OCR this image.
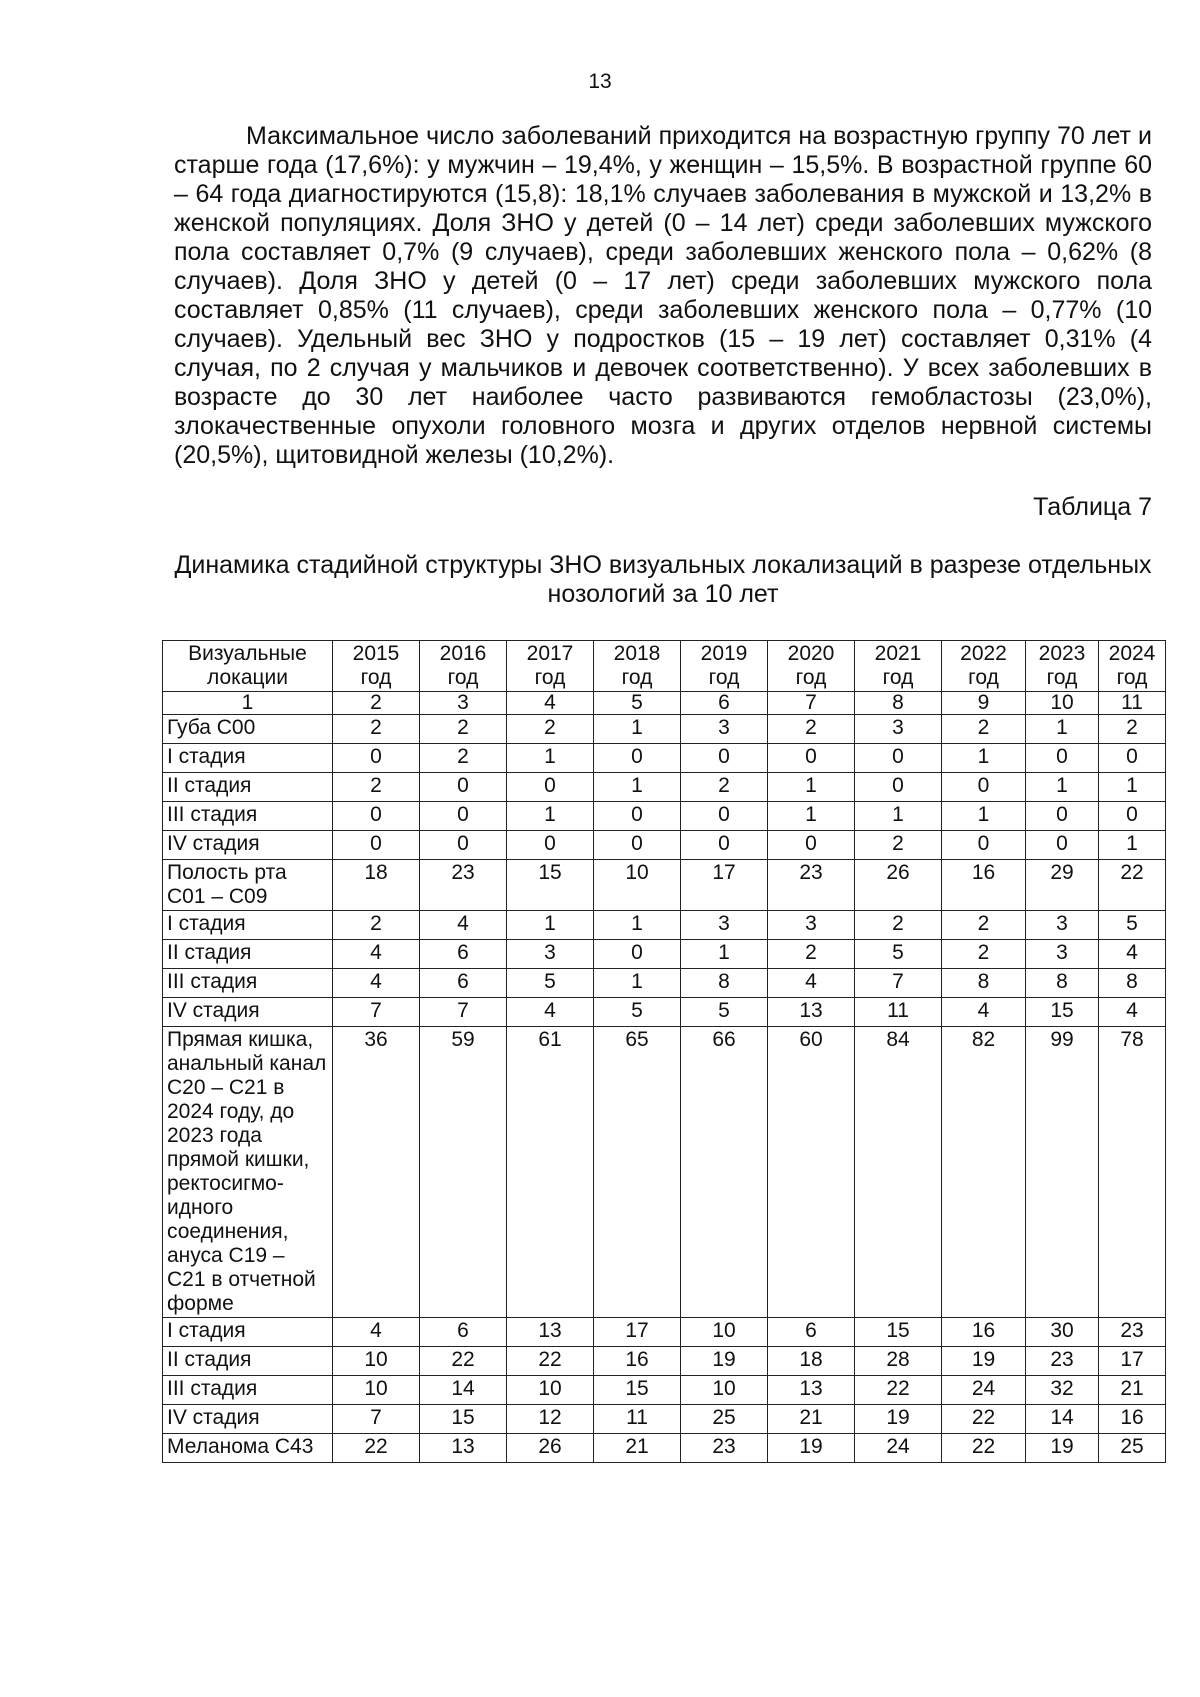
13

Максимальное число заболеваний приходится на возрастную группу 70 лет и старше года (17,6%): у мужчин – 19,4%, у женщин – 15,5%. В возрастной группе 60 – 64 года диагностируются (15,8): 18,1% случаев заболевания в мужской и 13,2% в женской популяциях. Доля ЗНО у детей (0 – 14 лет) среди заболевших мужского пола составляет 0,7% (9 случаев), среди заболевших женского пола – 0,62% (8 случаев). Доля ЗНО у детей (0 – 17 лет) среди заболевших мужского пола составляет 0,85% (11 случаев), среди заболевших женского пола – 0,77% (10 случаев). Удельный вес ЗНО у подростков (15 – 19 лет) составляет 0,31% (4 случая, по 2 случая у мальчиков и девочек соответственно). У всех заболевших в возрасте до 30 лет наиболее часто развиваются гемобластозы (23,0%), злокачественные опухоли головного мозга и других отделов нервной системы (20,5%), щитовидной железы (10,2%).

Таблица 7

Динамика стадийной структуры ЗНО визуальных локализаций в разрезе отдельных нозологий за 10 лет

Визуальные локации	2015 год	2016 год	2017 год	2018 год	2019 год	2020 год	2021 год	2022 год	2023 год	2024 год
1	2	3	4	5	6	7	8	9	10	11
Губа С00	2	2	2	1	3	2	3	2	1	2
I стадия	0	2	1	0	0	0	0	1	0	0
II стадия	2	0	0	1	2	1	0	0	1	1
III стадия	0	0	1	0	0	1	1	1	0	0
IV стадия	0	0	0	0	0	0	2	0	0	1
Полость рта С01 – С09	18	23	15	10	17	23	26	16	29	22
I стадия	2	4	1	1	3	3	2	2	3	5
II стадия	4	6	3	0	1	2	5	2	3	4
III стадия	4	6	5	1	8	4	7	8	8	8
IV стадия	7	7	4	5	5	13	11	4	15	4
Прямая кишка, анальный канал С20 – С21 в 2024 году, до 2023 года прямой кишки, ректосигмо-идного соединения, ануса С19 – С21 в отчетной форме	36	59	61	65	66	60	84	82	99	78
I стадия	4	6	13	17	10	6	15	16	30	23
II стадия	10	22	22	16	19	18	28	19	23	17
III стадия	10	14	10	15	10	13	22	24	32	21
IV стадия	7	15	12	11	25	21	19	22	14	16
Меланома С43	22	13	26	21	23	19	24	22	19	25
